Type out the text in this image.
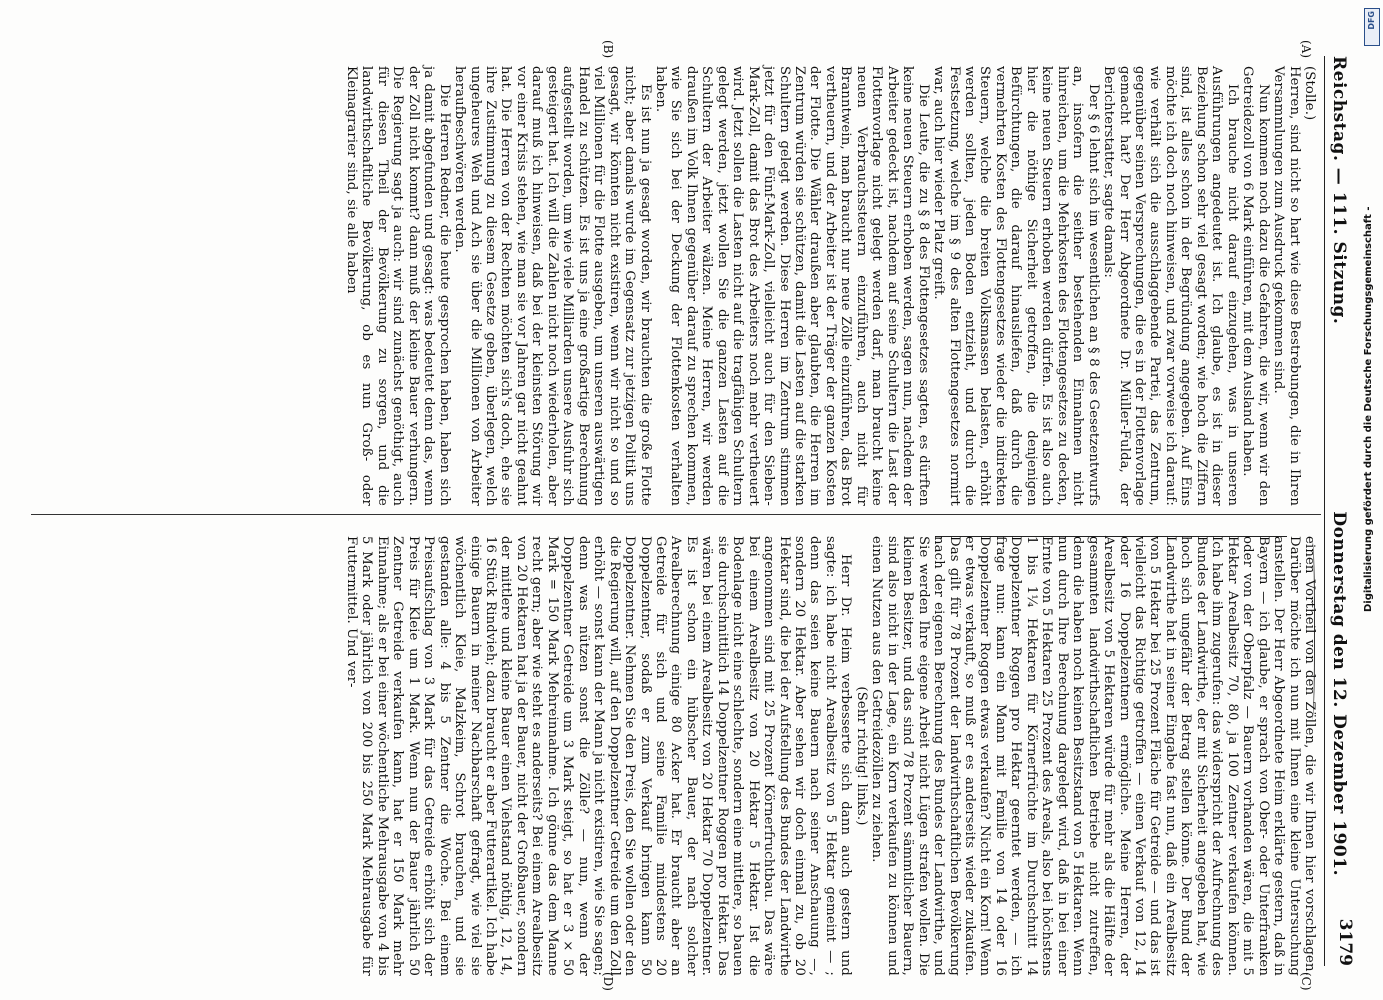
Reichstag. — 111. Sitzung.
Donnerstag den 12. Dezember 1901.
3179
(A)
(B)
(C)
(D)

(Stolle.)

Herren, sind nicht so hart wie diese Bestrebungen, die in Ihren Versammlungen zum Ausdruck gekommen sind.

Nun kommen noch dazu die Gefahren, die wir, wenn wir den Getreidezoll von 6 Mark einführen, mit dem Ausland haben.

Ich brauche nicht darauf einzugehen, was in unseren Ausführungen angedeutet ist. Ich glaube, es ist in dieser Beziehung schon sehr viel gesagt worden; wie hoch die Ziffern sind, ist alles schon in der Begründung angegeben. Auf Eins möchte ich doch noch hinweisen, und zwar vorweise ich darauf: wie verhält sich die ausschlaggebende Partei, das Zentrum, gegenüber seinen Versprechungen, die es in der Flottenvorlage gemacht hat? Der Herr Abgeordnete Dr. Müller-Fulda, der Berichterstatter, sagte damals:

Der § 6 lehnt sich im wesentlichen an § 8 des Gesetzentwurfs an, insofern die seither bestehenden Einnahmen nicht hinreichen, um die Mehrkosten des Flottengesetzes zu decken, keine neuen Steuern erhoben werden dürfen. Es ist also auch hier die nöthige Sicherheit getroffen, die denjenigen Befürchtungen, die darauf hinausliefen, daß durch die vermehrten Kosten des Flottengesetzes wieder die indirekten Steuern, welche die breiten Volksmassen belasten, erhöht werden sollten, jeden Boden entzieht, und durch die Festsetzung, welche im § 9 des alten Flottengesetzes normirt war, auch hier wieder Platz greift.

Die Leute, die zu § 8 des Flottengesetzes sagten, es dürften keine neuen Steuern erhoben werden, sagen nun, nachdem der Arbeiter gedeckt ist, nachdem auf seine Schultern die Last der Flottenvorlage nicht gelegt werden darf, man braucht keine neuen Verbrauchssteuern einzuführen, auch nicht für Branntwein, man braucht nur neue Zölle einzuführen, das Brot vertheuern, und der Arbeiter ist der Träger der ganzen Kosten der Flotte. Die Wähler draußen aber glaubten, die Herren im Zentrum würden sie schützen, damit die Lasten auf die starken Schultern gelegt werden. Diese Herren im Zentrum stimmen jetzt für den Fünf-Mark-Zoll, vielleicht auch für den Sieben-Mark-Zoll, damit das Brot des Arbeiters noch mehr vertheuert wird. Jetzt sollen die Lasten nicht auf die tragfähigen Schultern gelegt werden, jetzt wollen Sie die ganzen Lasten auf die Schultern der Arbeiter wälzen. Meine Herren, wir werden draußen im Volk Ihnen gegenüber darauf zu sprechen kommen, wie Sie sich bei der Deckung der Flottenkosten verhalten haben.

Es ist nun ja gesagt worden, wir brauchten die große Flotte nicht; aber damals wurde im Gegensatz zur jetzigen Politik uns gesagt, wir könnten nicht existiren, wenn wir nicht so und so viel Millionen für die Flotte ausgeben, um unseren auswärtigen Handel zu schützen. Es ist uns ja eine großartige Berechnung aufgestellt worden, um wie viele Milliarden unsere Ausfuhr sich gesteigert hat. Ich will die Zahlen nicht noch wiederholen, aber darauf muß ich hinweisen, daß bei der kleinsten Störung wir vor einer Krisis stehen, wie man sie vor Jahren gar nicht geahnt hat. Die Herren von der Rechten möchten sich's doch, ehe sie ihre Zustimmung zu diesem Gesetze geben, überlegen, welch ungeheures Weh und Ach sie über die Millionen von Arbeiter heraufbeschwören werden.

Die Herren Redner, die heute gesprochen haben, haben sich ja damit abgefunden und gesagt: was bedeutet denn das, wenn der Zoll nicht kommt? dann muß der kleine Bauer verhungern. Die Regierung sagt ja auch: wir sind zunächst genöthigt, auch für diesen Theil der Bevölkerung zu sorgen, und die landwirthschaftliche Bevölkerung, ob es nun Groß- oder Kleinagrarier sind, sie alle haben

einen Vortheil von den Zöllen, die wir Ihnen hier vorschlagen. Darüber möchte ich nun mit Ihnen eine kleine Untersuchung anstellen. Der Herr Abgeordnete Heim erklärte gestern, daß in Bayern — ich glaube, er sprach von Ober- oder Unterfranken oder von der Oberpfalz — Bauern vorhanden wären, die mit 5 Hektar Arealbesitz 70, 80, ja 100 Zentner verkaufen können. Ich habe ihm zugerufen: das widerspricht der Aufrechnung des Bundes der Landwirthe, der mit Sicherheit angegeben hat, wie hoch sich ungefähr der Betrag stellen könne. Der Bund der Landwirthe hat in seiner Eingabe fast nun, daß ein Arealbesitz von 5 Hektar bei 25 Prozent Fläche für Getreide — und das ist vielleicht das Richtige getroffen — einen Verkauf von 12, 14 oder 16 Doppelzentnern ermögliche. Meine Herren, der Arealbesitz von 5 Hektaren würde für mehr als die Hälfte der gesammten landwirthschaftlichen Betriebe nicht zutreffen, denn die haben noch keinen Besitzstand von 5 Hektaren. Wenn nun durch Ihre Berechnung dargelegt wird, daß in bei einer Ernte von 5 Hektaren 25 Prozent des Areals, also bei höchstens 1 bis 1¼ Hektaren für Körnerfrüchte im Durchschnitt 14 Doppelzentner Roggen pro Hektar geerntet werden, — ich frage nun: kann ein Mann mit Familie von 14 oder 16 Doppelzentner Roggen etwas verkaufen? Nicht ein Korn! Wenn er etwas verkauft, so muß er es anderseits wieder zukaufen. Das gilt für 78 Prozent der landwirthschaftlichen Bevölkerung nach der eigenen Berechnung des Bundes der Landwirthe, und Sie werden Ihre eigene Arbeit nicht Lügen strafen wollen. Die kleinen Besitzer, und das sind 78 Prozent sämmtlicher Bauern, sind also nicht in der Lage, ein Korn verkaufen zu können und einen Nutzen aus den Getreidezöllen zu ziehen.

(Sehr richtig! links.)

Herr Dr. Heim verbesserte sich dann auch gestern und sagte: ich habe nicht Arealbesitz von 5 Hektar gemeint — ; denn das seien keine Bauern nach seiner Anschauung —, sondern 20 Hektar. Aber sehen wir doch einmal zu, ob 20 Hektar sind, die bei der Aufstellung des Bundes der Landwirthe angenommen sind mit 25 Prozent Körnerfruchtbau. Das wäre bei einem Arealbesitz von 20 Hektar 5 Hektar. Ist die Bodenlage nicht eine schlechte, sondern eine mittlere, so bauen sie durchschnittlich 14 Doppelzentner Roggen pro Hektar. Das wären bei einem Arealbesitz von 20 Hektar 70 Doppelzentner. Es ist schon ein hübscher Bauer, der nach solcher Arealberechnung einige 80 Acker hat. Er braucht aber an Getreide für sich und seine Familie mindestens 20 Doppelzentner, sodaß er zum Verkauf bringen kann 50 Doppelzentner. Nehmen Sie den Preis, den Sie wollen oder den die Regierung will, auf den Doppelzentner Getreide um den Zoll erhöht — sonst kann der Mann ja nicht existiren, wie Sie sagen; denn was nützen sonst die Zölle? — nun, wenn der Doppelzentner Getreide um 3 Mark steigt, so hat er 3 × 50 Mark = 150 Mark Mehreinnahme. Ich gönne das dem Manne recht gern; aber wie steht es anderseits? Bei einem Arealbesitz von 20 Hektaren hat ja der Bauer, nicht der Großbauer, sondern der mittlere und kleine Bauer einen Viehstand nöthig, 12, 14, 16 Stück Rindvieh; dazu braucht er aber Futterartikel. Ich habe einige Bauern in meiner Nachbarschaft gefragt, wie viel sie wöchentlich Kleie, Malzkeim, Schrot brauchen, und sie gestanden alle: 4 bis 5 Zentner die Woche. Bei einem Preisaufschlag von 3 Mark für das Getreide erhöht sich der Preis für Kleie um 1 Mark. Wenn nun der Bauer jährlich 50 Zentner Getreide verkaufen kann, hat er 150 Mark mehr Einnahme; als er bei einer wöchentliche Mehrausgabe von 4 bis 5 Mark oder jährlich von 200 bis 250 Mark Mehrausgabe für Futtermittel. Und ver-

DFG
Digitalisierung gefördert durch die Deutsche Forschungsgemeinschaft -
